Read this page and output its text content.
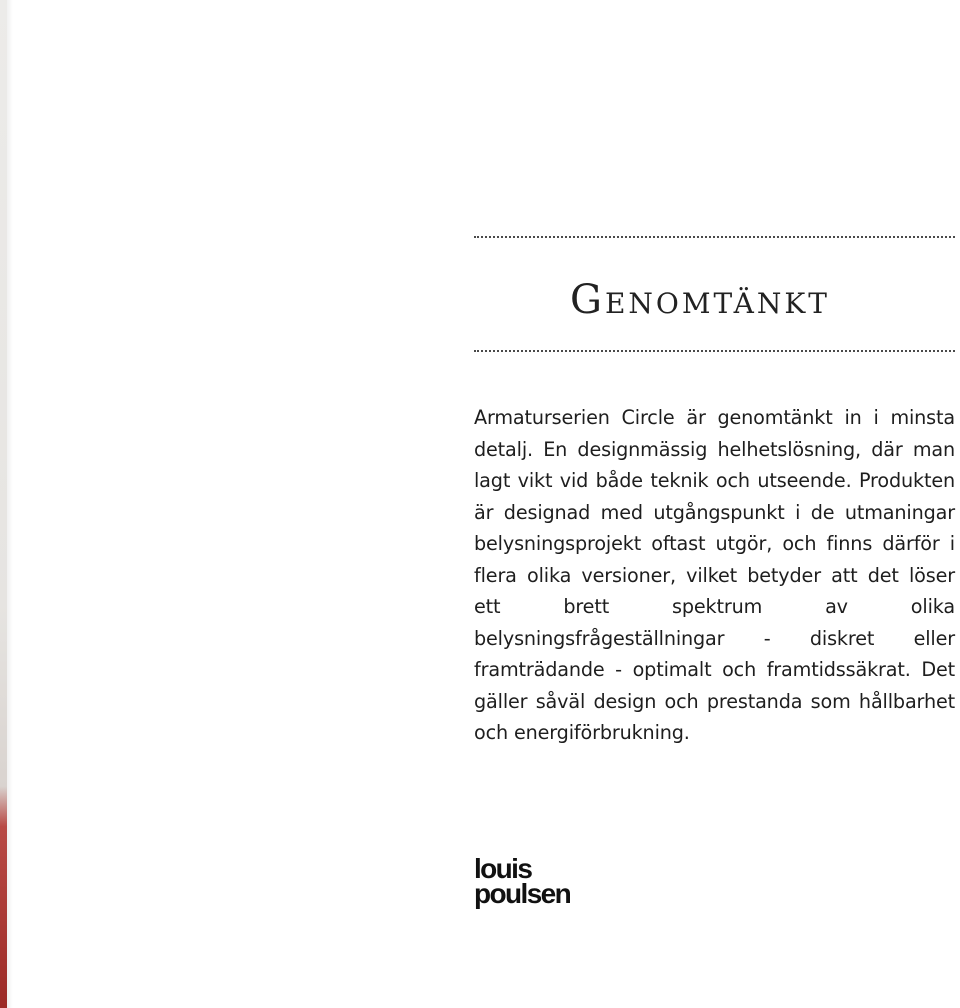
Genomtänkt

Armaturserien Circle är genomtänkt in i minsta detalj. En designmässig helhetslösning, där man lagt vikt vid både teknik och utseende. Produkten är designad med utgångspunkt i de utmaningar belysningsprojekt oftast utgör, och finns därför i flera olika versioner, vilket betyder att det löser ett brett spektrum av olika belysningsfrågeställningar - diskret eller framträdande - optimalt och framtidssäkrat. Det gäller såväl design och prestanda som hållbarhet och energiförbrukning.

louis
poulsen
